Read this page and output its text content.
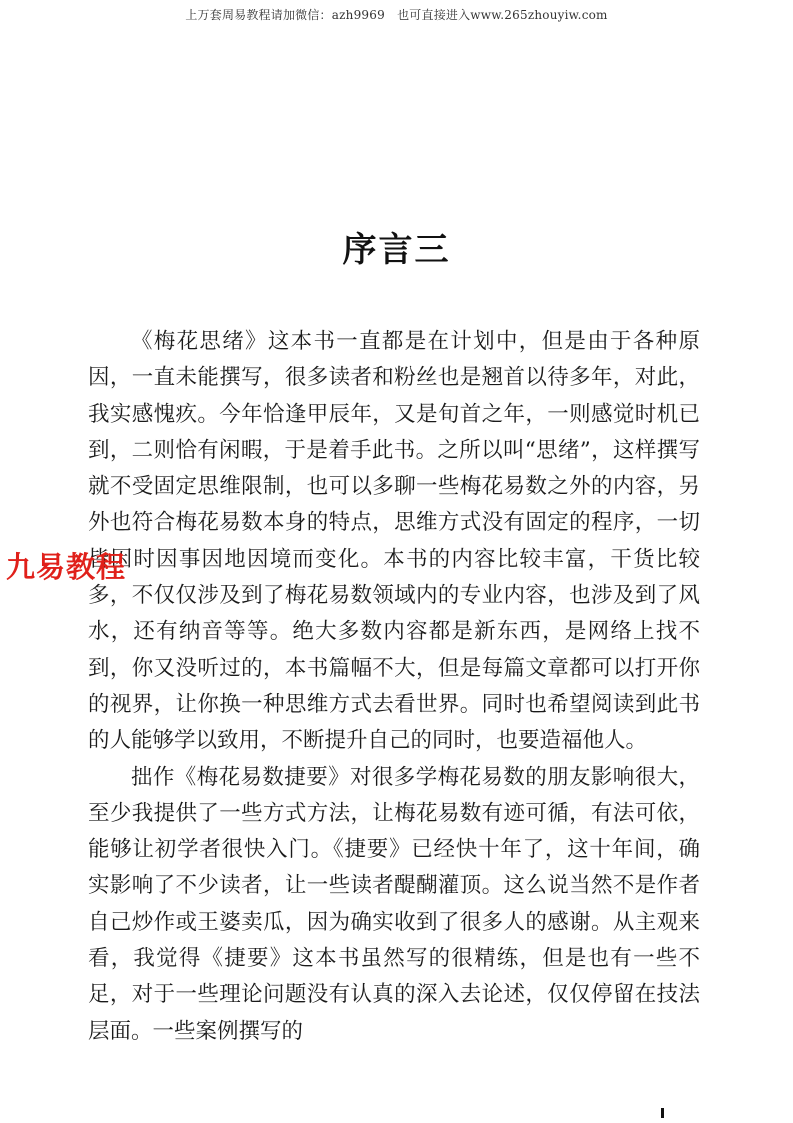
上万套周易教程请加微信：azh9969　也可直接进入www.265zhouyiw.com
序言三

《梅花思绪》这本书一直都是在计划中，但是由于各种原因，一直未能撰写，很多读者和粉丝也是翘首以待多年，对此，我实感愧疚。今年恰逢甲辰年，又是旬首之年，一则感觉时机已到，二则恰有闲暇，于是着手此书。之所以叫“思绪”，这样撰写就不受固定思维限制，也可以多聊一些梅花易数之外的内容，另外也符合梅花易数本身的特点，思维方式没有固定的程序，一切皆因时因事因地因境而变化。本书的内容比较丰富，干货比较多，不仅仅涉及到了梅花易数领域内的专业内容，也涉及到了风水，还有纳音等等。绝大多数内容都是新东西，是网络上找不到，你又没听过的，本书篇幅不大，但是每篇文章都可以打开你的视界，让你换一种思维方式去看世界。同时也希望阅读到此书的人能够学以致用，不断提升自己的同时，也要造福他人。

拙作《梅花易数捷要》对很多学梅花易数的朋友影响很大，至少我提供了一些方式方法，让梅花易数有迹可循，有法可依，能够让初学者很快入门。《捷要》已经快十年了，这十年间，确实影响了不少读者，让一些读者醍醐灌顶。这么说当然不是作者自己炒作或王婆卖瓜，因为确实收到了很多人的感谢。从主观来看，我觉得《捷要》这本书虽然写的很精练，但是也有一些不足，对于一些理论问题没有认真的深入去论述，仅仅停留在技法层面。一些案例撰写的

九易教程
